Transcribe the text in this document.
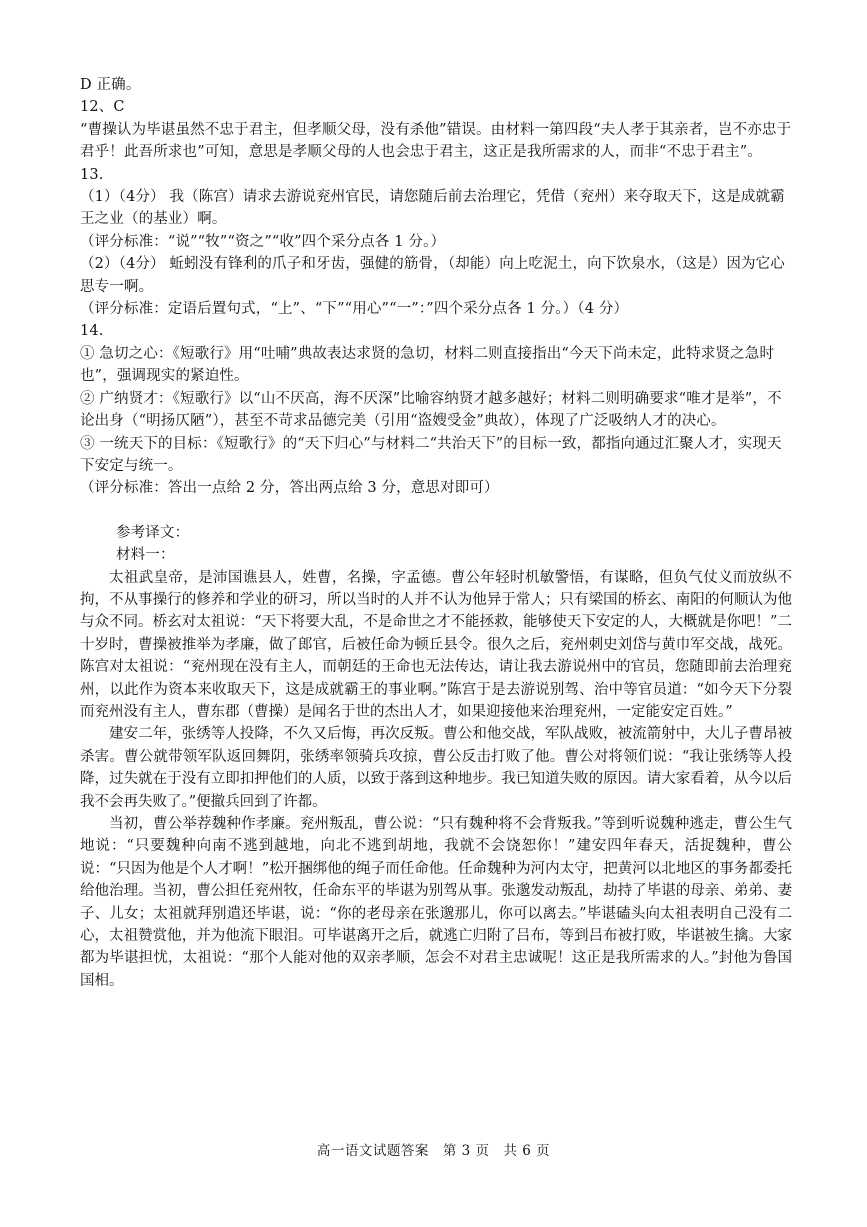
D 正确。
12、C
“曹操认为毕谌虽然不忠于君主，但孝顺父母，没有杀他”错误。由材料一第四段“夫人孝于其亲者，岂不亦忠于君乎！此吾所求也”可知，意思是孝顺父母的人也会忠于君主，这正是我所需求的人，而非“不忠于君主”。
13.
（1）（4分） 我（陈宫）请求去游说兖州官民，请您随后前去治理它，凭借（兖州）来夺取天下，这是成就霸王之业（的基业）啊。
（评分标准：“说”“牧”“资之”“收”四个采分点各 1 分。）
（2）（4分） 蚯蚓没有锋利的爪子和牙齿，强健的筋骨，（却能）向上吃泥土，向下饮泉水，（这是）因为它心思专一啊。
（评分标准：定语后置句式，“上”、“下”“用心”“一”：”四个采分点各 1 分。）（4 分）
14.
① 急切之心：《短歌行》用“吐哺”典故表达求贤的急切，材料二则直接指出“今天下尚未定，此特求贤之急时也”，强调现实的紧迫性。
② 广纳贤才：《短歌行》以“山不厌高，海不厌深”比喻容纳贤才越多越好；材料二则明确要求“唯才是举”，不论出身（“明扬仄陋”），甚至不苛求品德完美（引用“盗嫂受金”典故），体现了广泛吸纳人才的决心。
③ 一统天下的目标：《短歌行》的“天下归心”与材料二“共治天下”的目标一致，都指向通过汇聚人才，实现天下安定与统一。
（评分标准：答出一点给 2 分，答出两点给 3 分，意思对即可）
参考译文：
材料一：
太祖武皇帝，是沛国谯县人，姓曹，名操，字孟德。曹公年轻时机敏警悟，有谋略，但负气仗义而放纵不拘，不从事操行的修养和学业的研习，所以当时的人并不认为他异于常人；只有梁国的桥玄、南阳的何顺认为他与众不同。桥玄对太祖说：“天下将要大乱，不是命世之才不能拯救，能够使天下安定的人，大概就是你吧！”二十岁时，曹操被推举为孝廉，做了郎官，后被任命为顿丘县令。很久之后，兖州刺史刘岱与黄巾军交战，战死。陈宫对太祖说：“兖州现在没有主人，而朝廷的王命也无法传达，请让我去游说州中的官员，您随即前去治理兖州，以此作为资本来收取天下，这是成就霸王的事业啊。”陈宫于是去游说别驾、治中等官员道：“如今天下分裂而兖州没有主人，曹东郡（曹操）是闻名于世的杰出人才，如果迎接他来治理兖州，一定能安定百姓。”
建安二年，张绣等人投降，不久又后悔，再次反叛。曹公和他交战，军队战败，被流箭射中，大儿子曹昂被杀害。曹公就带领军队返回舞阴，张绣率领骑兵攻掠，曹公反击打败了他。曹公对将领们说：“我让张绣等人投降，过失就在于没有立即扣押他们的人质，以致于落到这种地步。我已知道失败的原因。请大家看着，从今以后我不会再失败了。”便撤兵回到了许都。
当初，曹公举荐魏种作孝廉。兖州叛乱，曹公说：“只有魏种将不会背叛我。”等到听说魏种逃走，曹公生气地说：“只要魏种向南不逃到越地，向北不逃到胡地，我就不会饶恕你！”建安四年春天，活捉魏种，曹公说：“只因为他是个人才啊！”松开捆绑他的绳子而任命他。任命魏种为河内太守，把黄河以北地区的事务都委托给他治理。当初，曹公担任兖州牧，任命东平的毕谌为别驾从事。张邈发动叛乱，劫持了毕谌的母亲、弟弟、妻子、儿女；太祖就拜别遣还毕谌，说：“你的老母亲在张邈那儿，你可以离去。”毕谌磕头向太祖表明自己没有二心，太祖赞赏他，并为他流下眼泪。可毕谌离开之后，就逃亡归附了吕布，等到吕布被打败，毕谌被生擒。大家都为毕谌担忧，太祖说：“那个人能对他的双亲孝顺，怎会不对君主忠诚呢！这正是我所需求的人。”封他为鲁国国相。
高一语文试题答案　第 3 页　共 6 页
